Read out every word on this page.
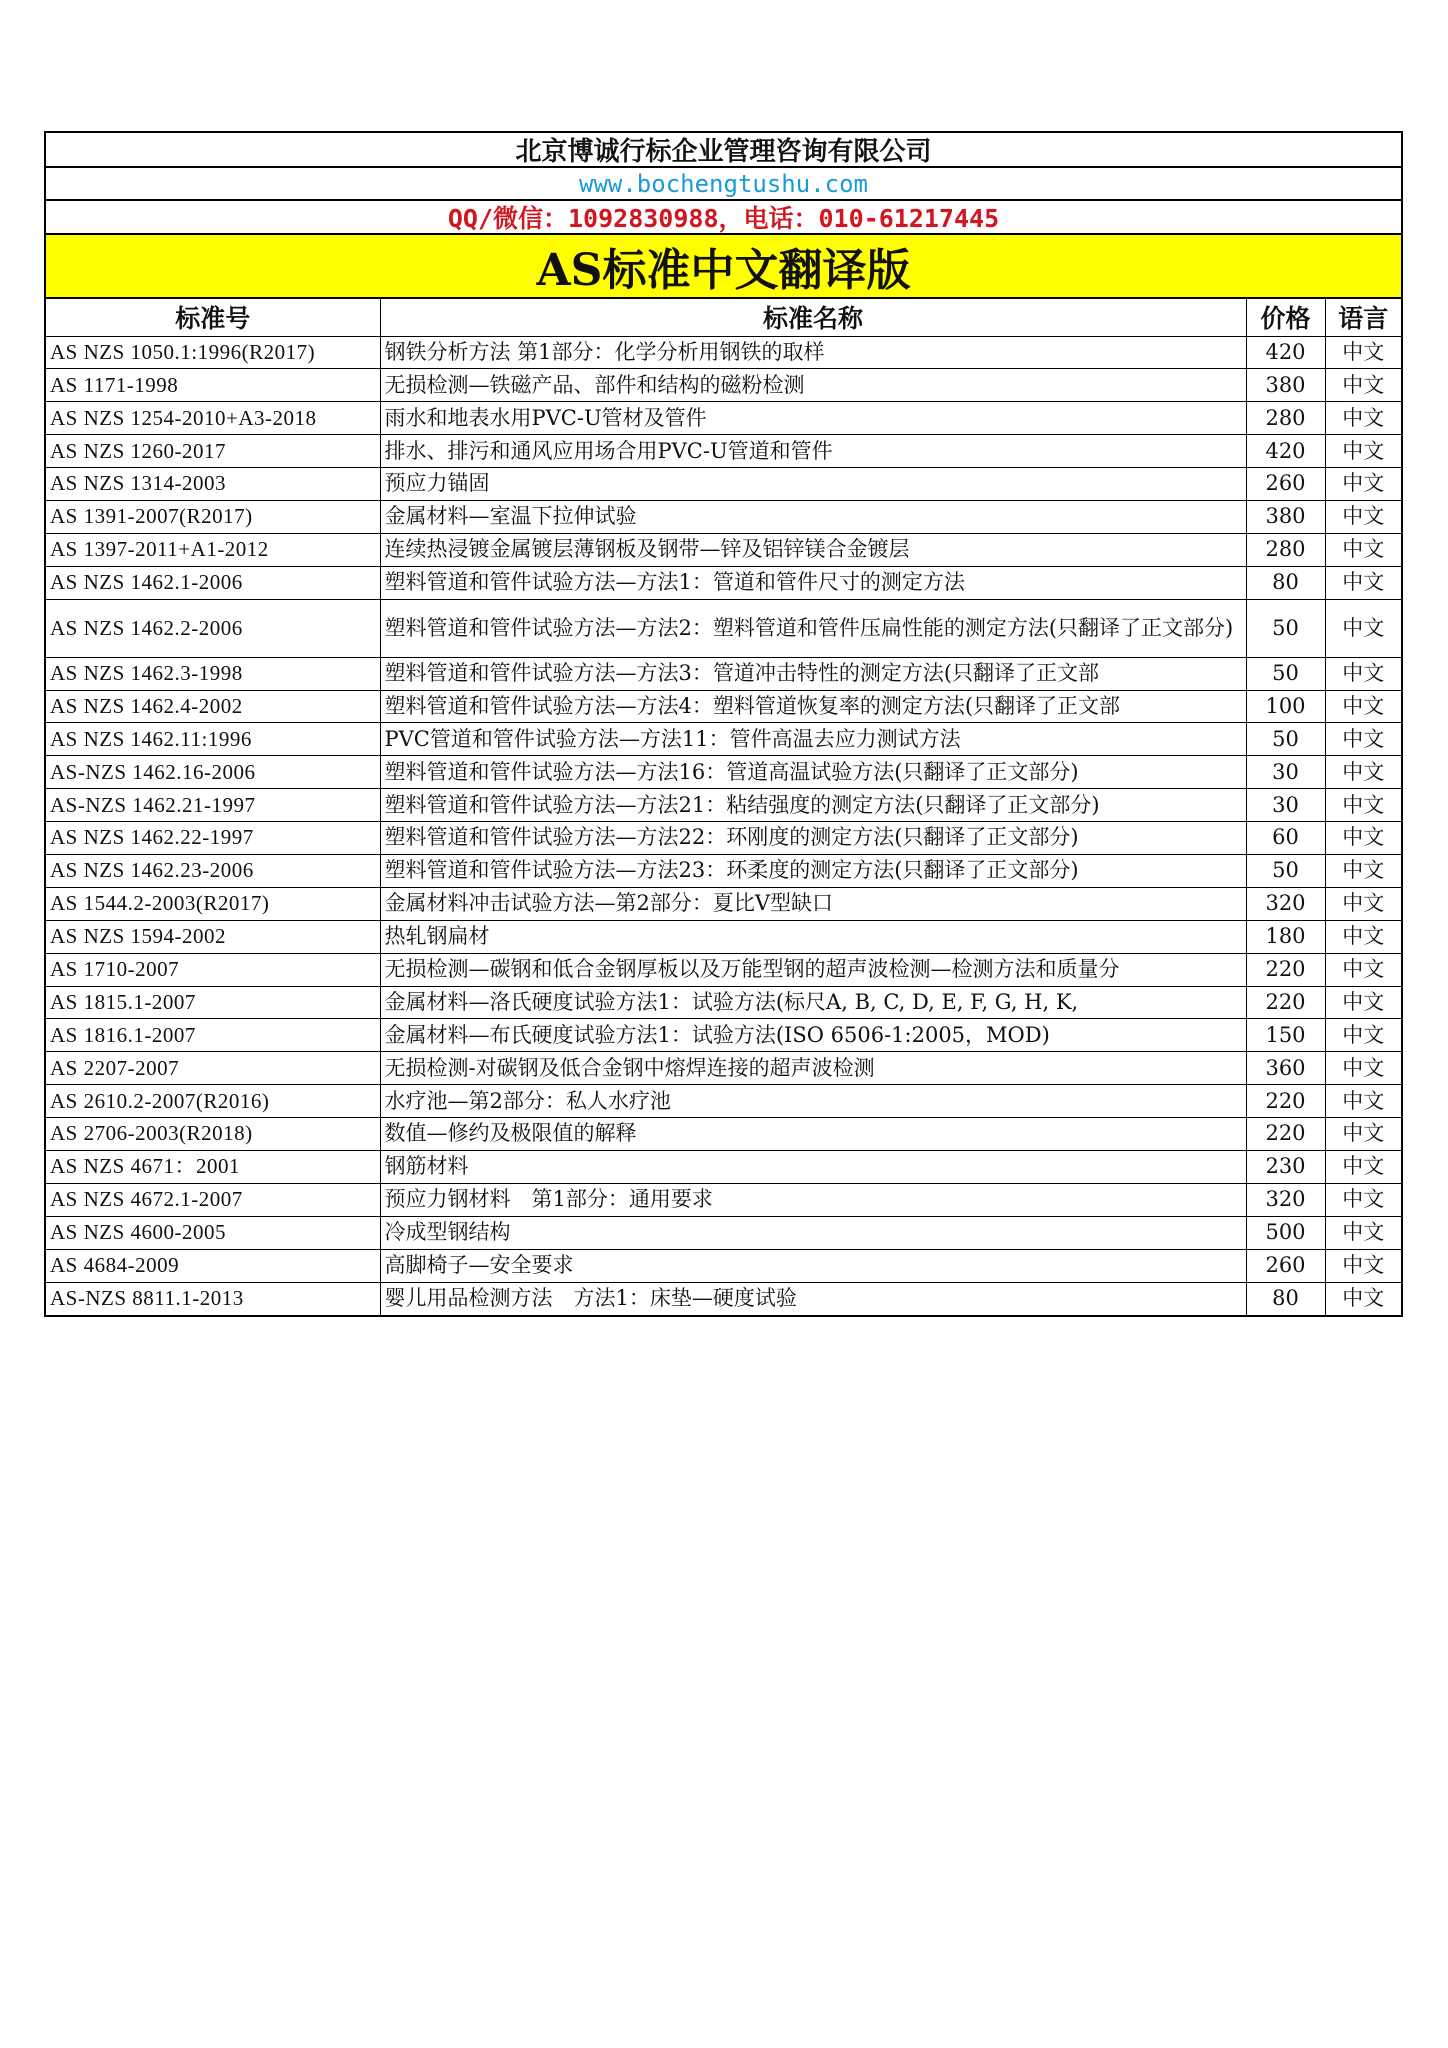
北京博诚行标企业管理咨询有限公司
www.bochengtushu.com
QQ/微信：1092830988，电话：010-61217445
AS标准中文翻译版
标准号	标准名称	价格	语言
AS NZS 1050.1:1996(R2017)	钢铁分析方法 第1部分：化学分析用钢铁的取样	420	中文
AS 1171-1998	无损检测—铁磁产品、部件和结构的磁粉检测	380	中文
AS NZS 1254-2010+A3-2018	雨水和地表水用PVC-U管材及管件	280	中文
AS NZS 1260-2017	排水、排污和通风应用场合用PVC-U管道和管件	420	中文
AS NZS 1314-2003	预应力锚固	260	中文
AS 1391-2007(R2017)	金属材料—室温下拉伸试验	380	中文
AS 1397-2011+A1-2012	连续热浸镀金属镀层薄钢板及钢带—锌及铝锌镁合金镀层	280	中文
AS NZS 1462.1-2006	塑料管道和管件试验方法—方法1：管道和管件尺寸的测定方法	80	中文
AS NZS 1462.2-2006	塑料管道和管件试验方法—方法2：塑料管道和管件压扁性能的测定方法(只翻译了正文部分)	50	中文
AS NZS 1462.3-1998	塑料管道和管件试验方法—方法3：管道冲击特性的测定方法(只翻译了正文部	50	中文
AS NZS 1462.4-2002	塑料管道和管件试验方法—方法4：塑料管道恢复率的测定方法(只翻译了正文部	100	中文
AS NZS 1462.11:1996	PVC管道和管件试验方法—方法11：管件高温去应力测试方法	50	中文
AS-NZS 1462.16-2006	塑料管道和管件试验方法—方法16：管道高温试验方法(只翻译了正文部分)	30	中文
AS-NZS 1462.21-1997	塑料管道和管件试验方法—方法21：粘结强度的测定方法(只翻译了正文部分)	30	中文
AS NZS 1462.22-1997	塑料管道和管件试验方法—方法22：环刚度的测定方法(只翻译了正文部分)	60	中文
AS NZS 1462.23-2006	塑料管道和管件试验方法—方法23：环柔度的测定方法(只翻译了正文部分)	50	中文
AS 1544.2-2003(R2017)	金属材料冲击试验方法—第2部分：夏比V型缺口	320	中文
AS NZS 1594-2002	热轧钢扁材	180	中文
AS 1710-2007	无损检测—碳钢和低合金钢厚板以及万能型钢的超声波检测—检测方法和质量分	220	中文
AS 1815.1-2007	金属材料—洛氏硬度试验方法1：试验方法(标尺A, B, C, D, E, F, G, H, K,	220	中文
AS 1816.1-2007	金属材料—布氏硬度试验方法1：试验方法(ISO 6506-1:2005，MOD)	150	中文
AS 2207-2007	无损检测-对碳钢及低合金钢中熔焊连接的超声波检测	360	中文
AS 2610.2-2007(R2016)	水疗池—第2部分：私人水疗池	220	中文
AS 2706-2003(R2018)	数值—修约及极限值的解释	220	中文
AS NZS 4671：2001	钢筋材料	230	中文
AS NZS 4672.1-2007	预应力钢材料　第1部分：通用要求	320	中文
AS NZS 4600-2005	冷成型钢结构	500	中文
AS 4684-2009	高脚椅子—安全要求	260	中文
AS-NZS 8811.1-2013	婴儿用品检测方法　方法1：床垫—硬度试验	80	中文
